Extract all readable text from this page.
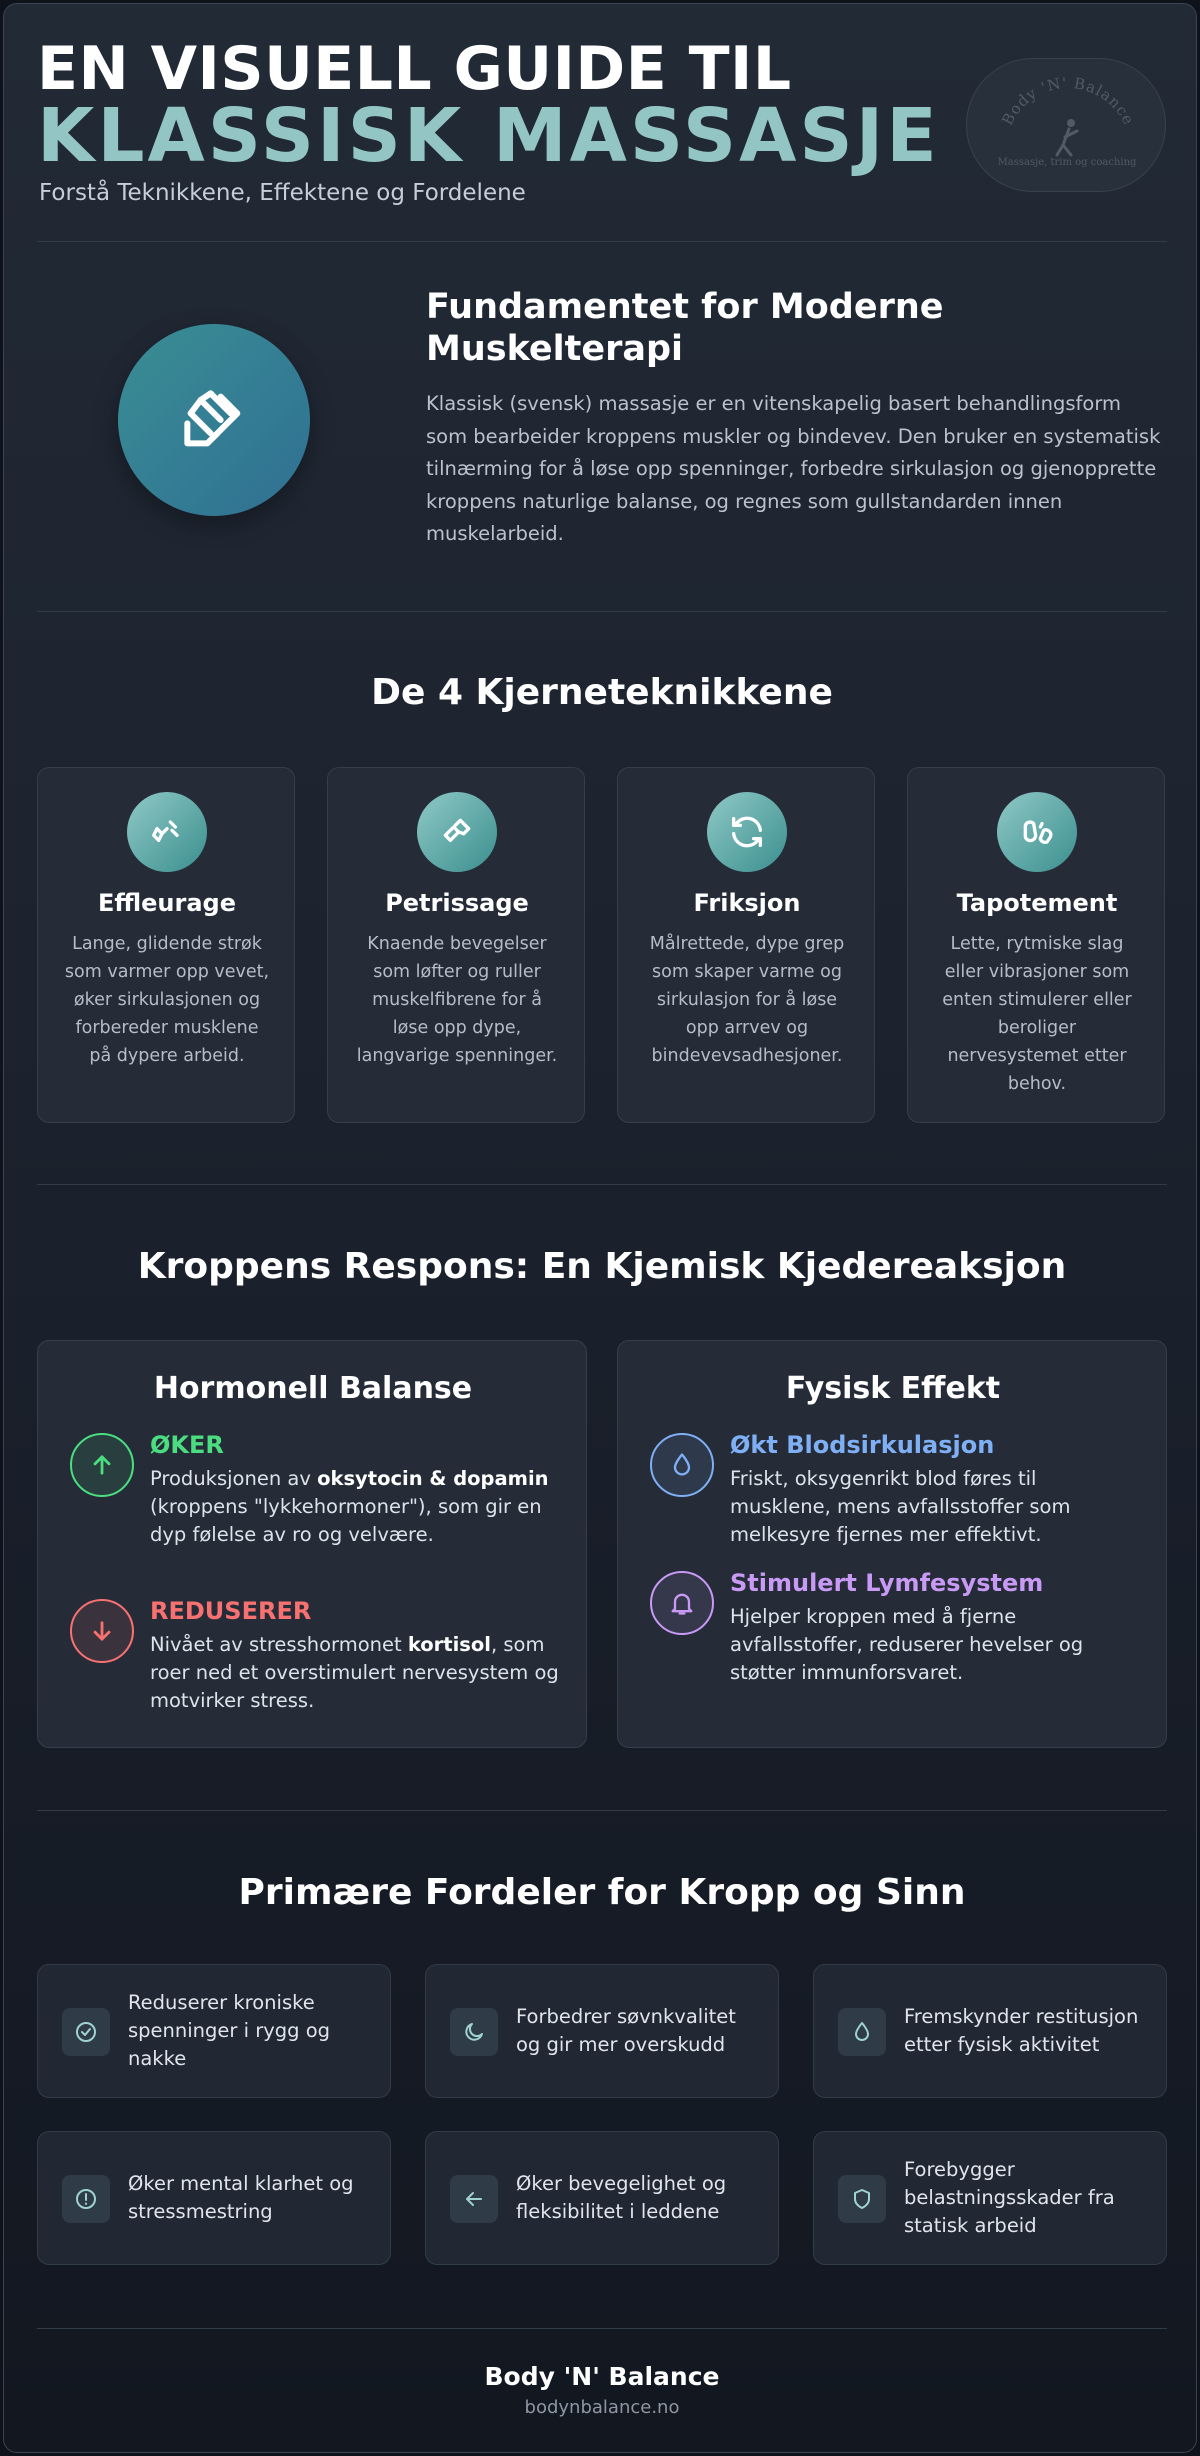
EN VISUELL GUIDE TIL
KLASSISK MASSASJE
Forstå Teknikkene, Effektene og Fordelene
Body 'N' Balance
Massasje, trim og coaching
Fundamentet for Moderne Muskelterapi
Klassisk (svensk) massasje er en vitenskapelig basert behandlingsform som bearbeider kroppens muskler og bindevev. Den bruker en systematisk tilnærming for å løse opp spenninger, forbedre sirkulasjon og gjenopprette kroppens naturlige balanse, og regnes som gullstandarden innen muskelarbeid.
De 4 Kjerneteknikkene
Effleurage
Lange, glidende strøk som varmer opp vevet, øker sirkulasjonen og forbereder musklene på dypere arbeid.
Petrissage
Knaende bevegelser som løfter og ruller muskelfibrene for å løse opp dype, langvarige spenninger.
Friksjon
Målrettede, dype grep som skaper varme og sirkulasjon for å løse opp arrvev og bindevevsadhesjoner.
Tapotement
Lette, rytmiske slag eller vibrasjoner som enten stimulerer eller beroliger nervesystemet etter behov.
Kroppens Respons: En Kjemisk Kjedereaksjon
Hormonell Balanse
ØKER
Produksjonen av oksytocin & dopamin (kroppens "lykkehormoner"), som gir en dyp følelse av ro og velvære.
REDUSERER
Nivået av stresshormonet kortisol, som roer ned et overstimulert nervesystem og motvirker stress.
Fysisk Effekt
Økt Blodsirkulasjon
Friskt, oksygenrikt blod føres til musklene, mens avfallsstoffer som melkesyre fjernes mer effektivt.
Stimulert Lymfesystem
Hjelper kroppen med å fjerne avfallsstoffer, reduserer hevelser og støtter immunforsvaret.
Primære Fordeler for Kropp og Sinn
Reduserer kroniske spenninger i rygg og nakke
Forbedrer søvnkvalitet og gir mer overskudd
Fremskynder restitusjon etter fysisk aktivitet
Øker mental klarhet og stressmestring
Øker bevegelighet og fleksibilitet i leddene
Forebygger belastningsskader fra statisk arbeid
Body 'N' Balance
bodynbalance.no
